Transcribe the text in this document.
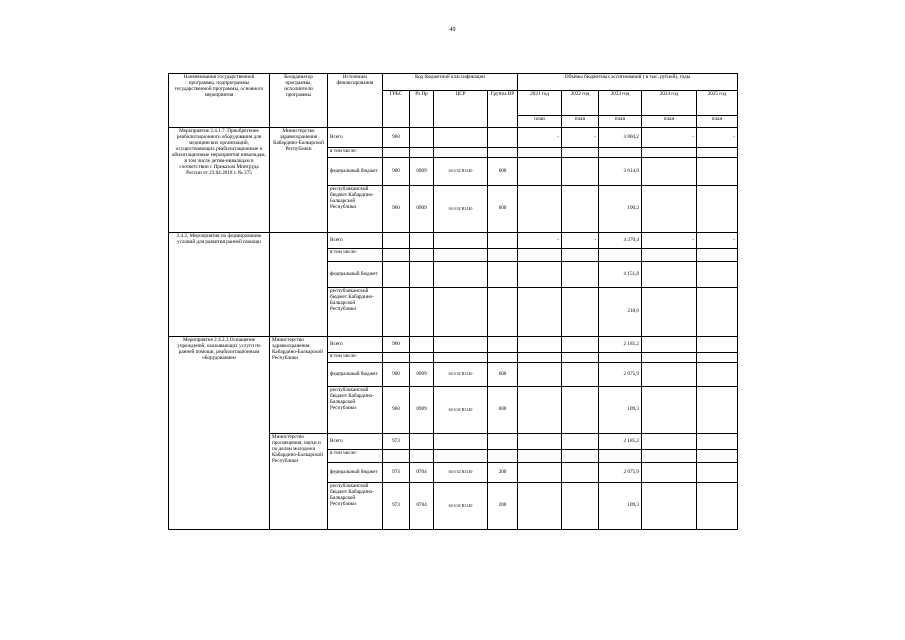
49
Наименования государственной программы, подпрограммы государственной программы, основного мероприятия	Координатор программы, исполнители программы	Источники финансирования	Код бюджетной классификации				Объемы бюджетных ассигнований ( в тыс. рублей), годы				
			ГРБС	Рз Пр	ЦСР	Группа ВР	2021 год	2022 год	2023 год	2024 год	2025 год
							план	план	план	план	план
Мероприятие 2.4.1.7. Приобретение реабилитационного оборудования для медицинских организаций, осуществляющих реабилитационные и абилитационные мероприятия инвалидам, в том числе детям-инвалидам в соответствии с Приказом Минтруда России от 23.04.2018 г. № 275	Министерство здравоохранения Кабардино-Балкарской Республики	Всего	960				-	-	3 804,2	-	-
		в том числе:									
		федеральный бюджет	960	0909	04 6 02 R3140	600			3 614,0		
		республиканский бюджет Кабардино-Балкарской Республики	960	0909	04 6 02 R3140	600			190,2		
2.4.2. Мероприятия по формированию условий для развития ранней помощи		Всего					-	-	4 370,4	-	-
		в том числе:									
		федеральный бюджет							4 151,8		
		республиканский бюджет Кабардино-Балкарской Республики							218,6		
Мероприятие 2.4.2.3.Оснащение учреждений, оказывающих услуги по ранней помощи, реабилитационным оборудованием	Министерство здравоохранения Кабардино-Балкарской Республики	Всего	960						2 185,2		
		в том числе:									
		федеральный бюджет	960	0909	04 6 02 R3140	600			2 075,9		
		республиканский бюджет Кабардино-Балкарской Республики	960	0909	04 6 02 R3140	600			109,3		
	Министерство просвещения, науки и по делам молодежи Кабардино-Балкарской Республики	Всего	973						2 185,2		
		в том числе:									
		федеральный бюджет	973	0704	04 6 02 R3140	200			2 075,9		
		республиканский бюджет Кабардино-Балкарской Республики	973	0704	04 6 02 R3140	200			109,3		
